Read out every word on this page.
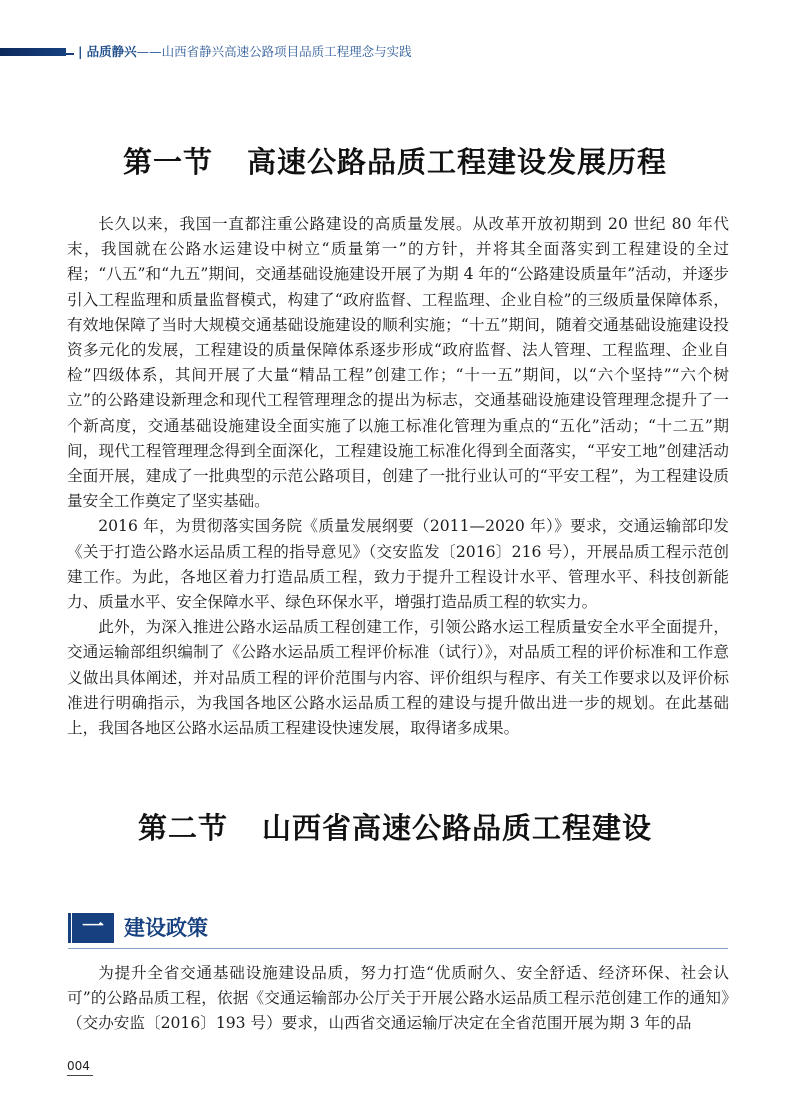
| 品质静兴——山西省静兴高速公路项目品质工程理念与实践
第一节 高速公路品质工程建设发展历程

长久以来，我国一直都注重公路建设的高质量发展。从改革开放初期到 20 世纪 80 年代末，我国就在公路水运建设中树立“质量第一”的方针，并将其全面落实到工程建设的全过程；“八五”和“九五”期间，交通基础设施建设开展了为期 4 年的“公路建设质量年”活动，并逐步引入工程监理和质量监督模式，构建了“政府监督、工程监理、企业自检”的三级质量保障体系，有效地保障了当时大规模交通基础设施建设的顺利实施；“十五”期间，随着交通基础设施建设投资多元化的发展，工程建设的质量保障体系逐步形成“政府监督、法人管理、工程监理、企业自检”四级体系，其间开展了大量“精品工程”创建工作；“十一五”期间，以“六个坚持”“六个树立”的公路建设新理念和现代工程管理理念的提出为标志，交通基础设施建设管理理念提升了一个新高度，交通基础设施建设全面实施了以施工标准化管理为重点的“五化”活动；“十二五”期间，现代工程管理理念得到全面深化，工程建设施工标准化得到全面落实，“平安工地”创建活动全面开展，建成了一批典型的示范公路项目，创建了一批行业认可的“平安工程”，为工程建设质量安全工作奠定了坚实基础。

2016 年，为贯彻落实国务院《质量发展纲要（2011—2020 年）》要求，交通运输部印发《关于打造公路水运品质工程的指导意见》（交安监发〔2016〕216 号），开展品质工程示范创建工作。为此，各地区着力打造品质工程，致力于提升工程设计水平、管理水平、科技创新能力、质量水平、安全保障水平、绿色环保水平，增强打造品质工程的软实力。

此外，为深入推进公路水运品质工程创建工作，引领公路水运工程质量安全水平全面提升，交通运输部组织编制了《公路水运品质工程评价标准（试行）》，对品质工程的评价标准和工作意义做出具体阐述，并对品质工程的评价范围与内容、评价组织与程序、有关工作要求以及评价标准进行明确指示，为我国各地区公路水运品质工程的建设与提升做出进一步的规划。在此基础上，我国各地区公路水运品质工程建设快速发展，取得诸多成果。

第二节 山西省高速公路品质工程建设
一 建设政策

为提升全省交通基础设施建设品质，努力打造“优质耐久、安全舒适、经济环保、社会认可”的公路品质工程，依据《交通运输部办公厅关于开展公路水运品质工程示范创建工作的通知》（交办安监〔2016〕193 号）要求，山西省交通运输厅决定在全省范围开展为期 3 年的品

004
